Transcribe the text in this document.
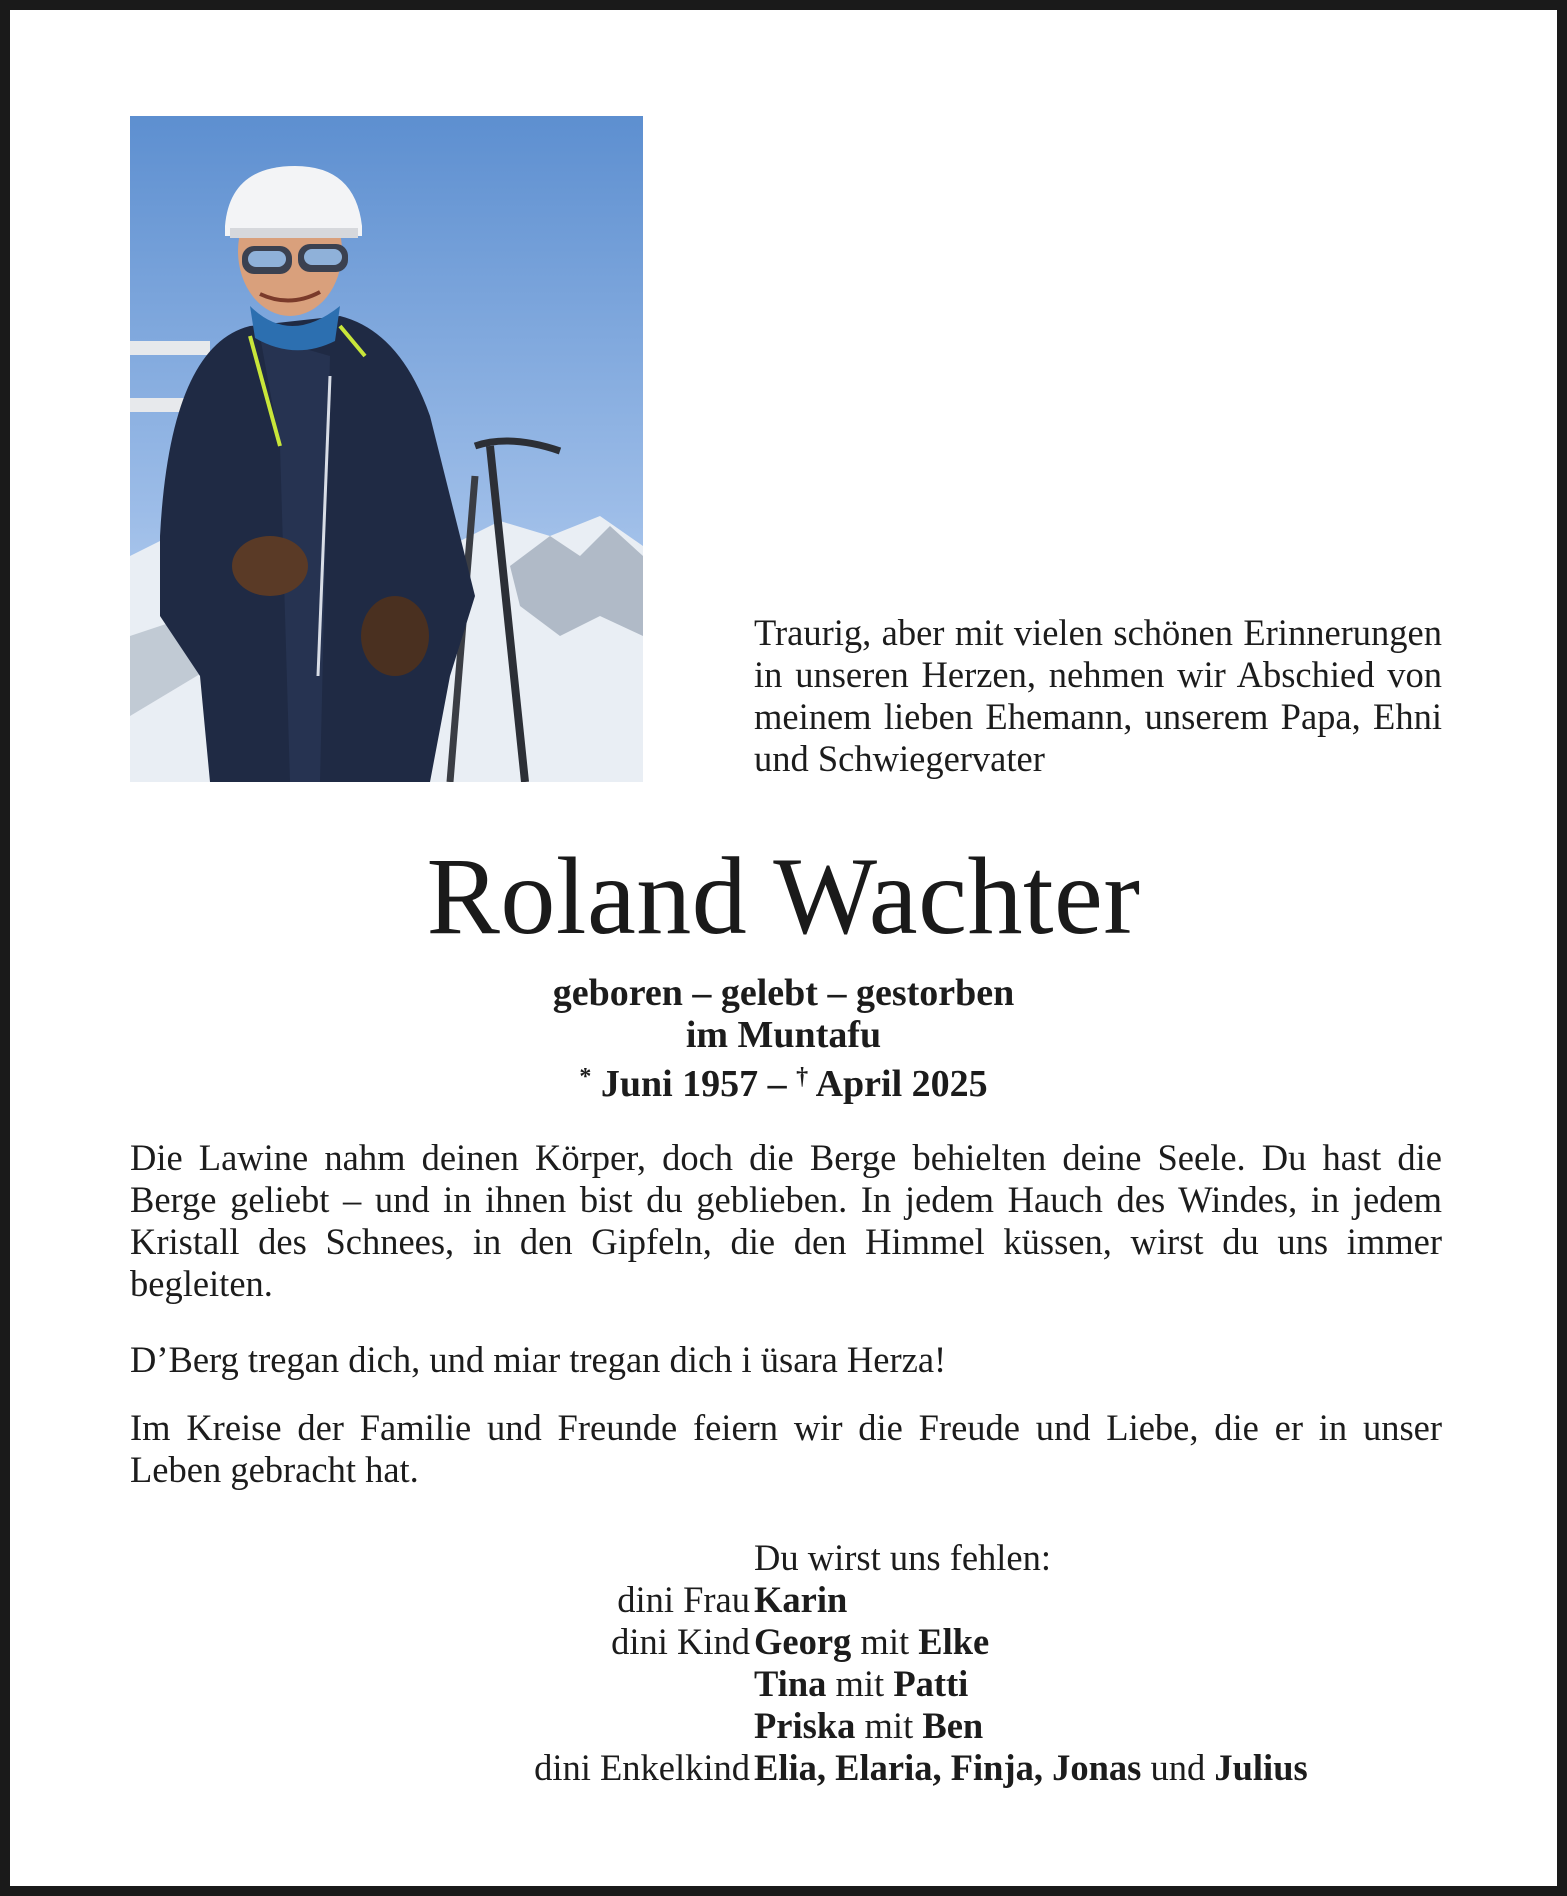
Traurig, aber mit vielen schönen Erinnerungen in unseren Herzen, nehmen wir Abschied von meinem lieben Ehemann, unserem Papa, Ehni und Schwiegervater

Roland Wachter
geboren – gelebt – gestorben
im Muntafu
* Juni 1957 – † April 2025

Die Lawine nahm deinen Körper, doch die Berge behielten deine Seele. Du hast die Berge geliebt – und in ihnen bist du geblieben. In jedem Hauch des Windes, in jedem Kristall des Schnees, in den Gipfeln, die den Himmel küssen, wirst du uns immer begleiten.

D’Berg tregan dich, und miar tregan dich i üsara Herza!

Im Kreise der Familie und Freunde feiern wir die Freude und Liebe, die er in unser Leben gebracht hat.

Du wirst uns fehlen:
dini Frau Karin
dini Kind Georg mit Elke
Tina mit Patti
Priska mit Ben
dini Enkelkind Elia, Elaria, Finja, Jonas und Julius
